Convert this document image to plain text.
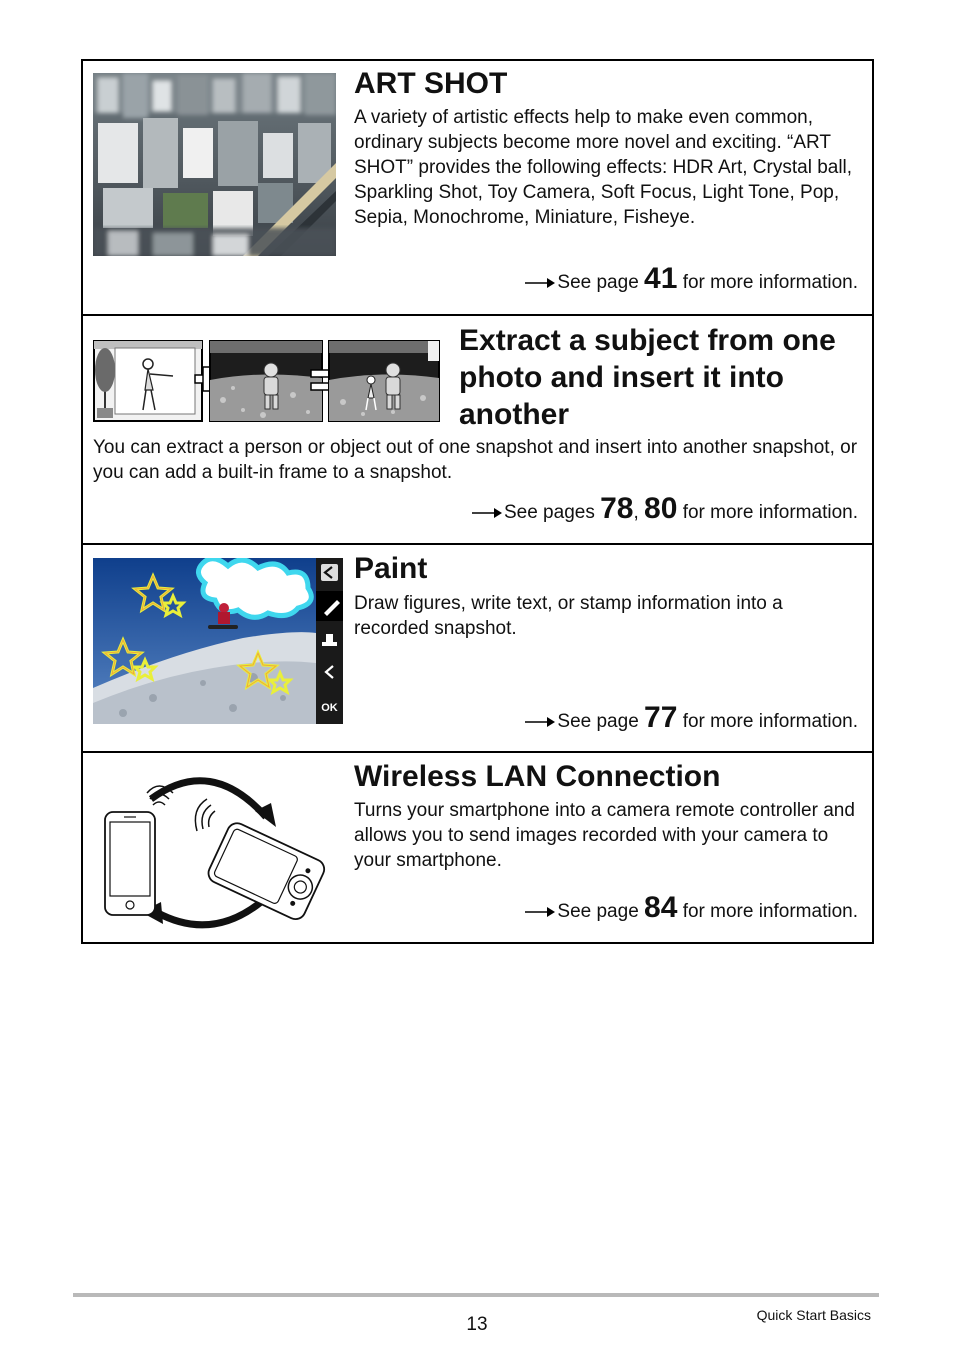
ART SHOT

A variety of artistic effects help to make even common, ordinary subjects become more novel and exciting. “ART SHOT” provides the following effects: HDR Art, Crystal ball, Sparkling Shot, Toy Camera, Soft Focus, Light Tone, Pop, Sepia, Monochrome, Miniature, Fisheye.

See page 41 for more information.
Extract a subject from one photo and insert it into another

You can extract a person or object out of one snapshot and insert into another snapshot, or you can add a built-in frame to a snapshot.

See pages 78, 80 for more information.
OK
Paint

Draw figures, write text, or stamp information into a recorded snapshot.

See page 77 for more information.
Wireless LAN Connection

Turns your smartphone into a camera remote controller and allows you to send images recorded with your camera to your smartphone.

See page 84 for more information.
13	Quick Start Basics
